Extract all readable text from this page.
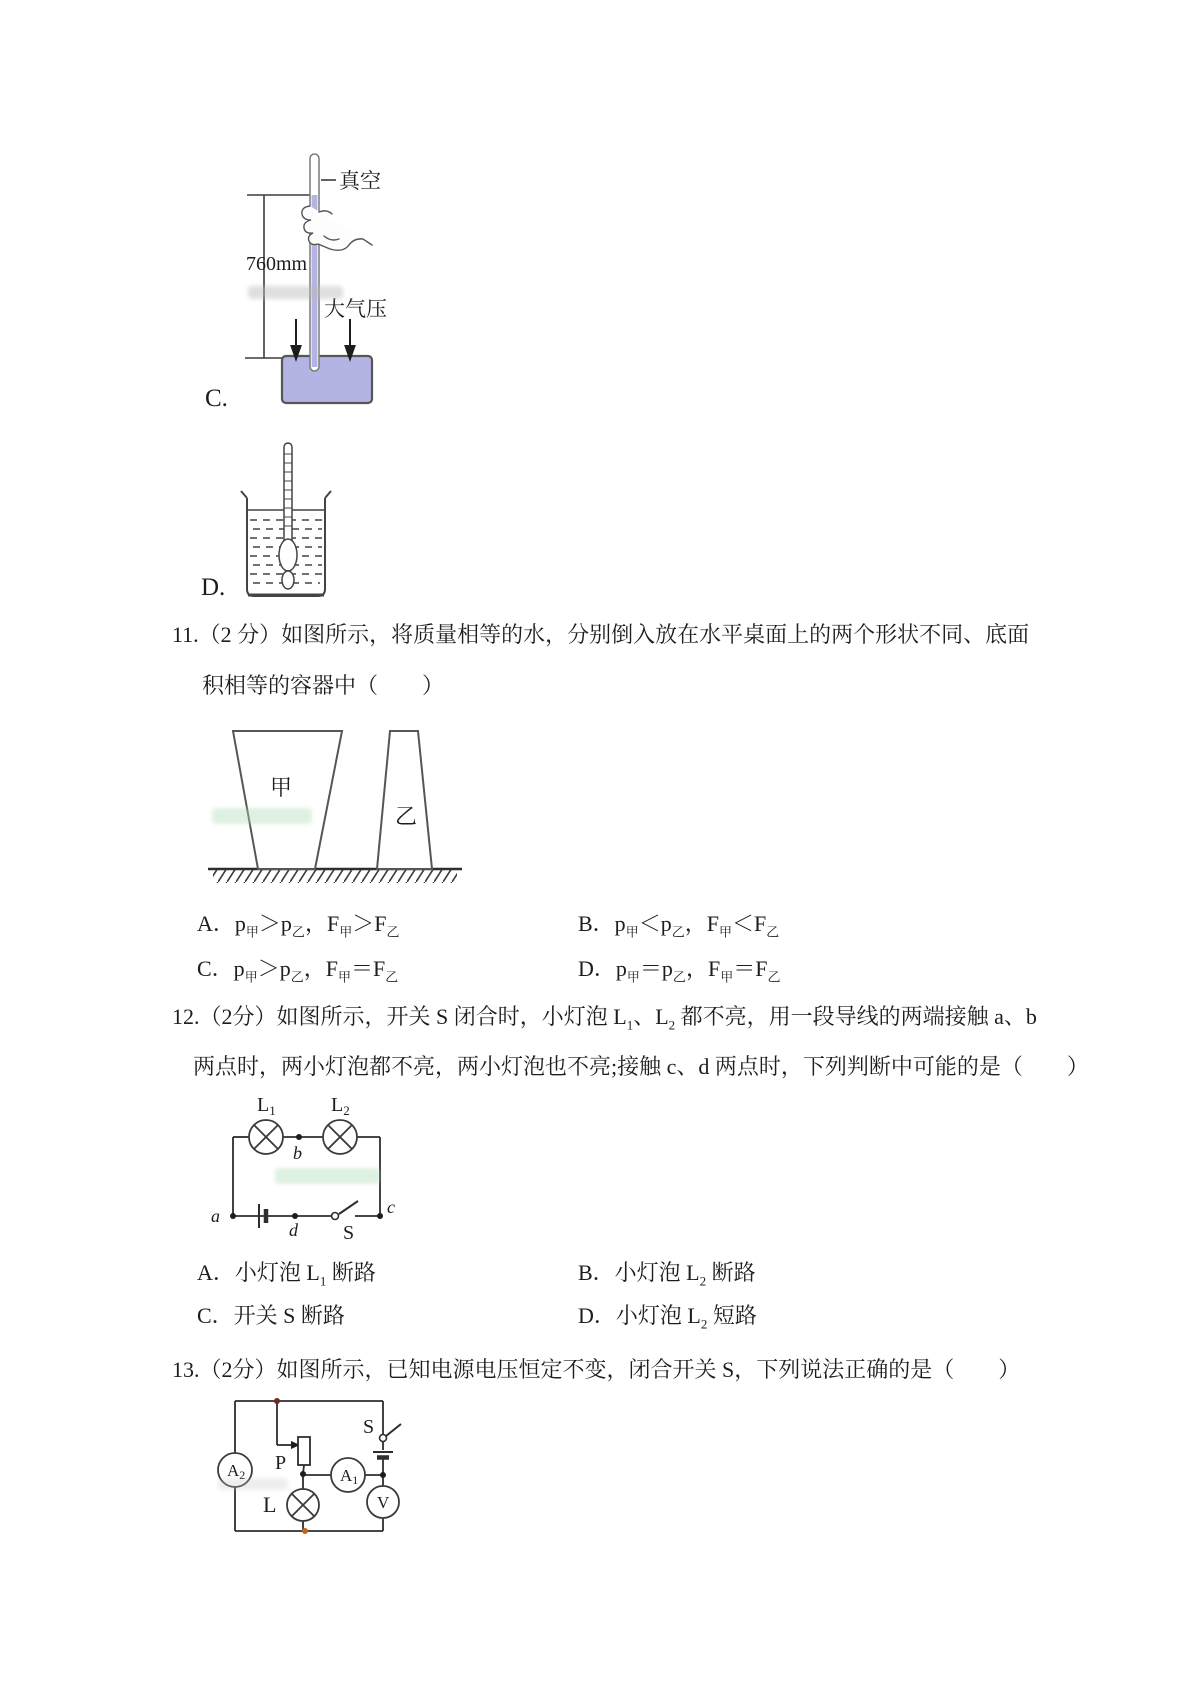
真空
760mm
大气压
C.
D.
11.（2 分）如图所示，将质量相等的水，分别倒入放在水平桌面上的两个形状不同、底面
积相等的容器中（　　）
甲
乙
A．$p_甲>p_乙$，$F_甲>F_乙$	B．$p_甲<p_乙$，$F_甲<F_乙$
C．$p_甲>p_乙$，$F_甲=F_乙$	D．$p_甲=p_乙$，$F_甲=F_乙$
12.（2分）如图所示，开关 S 闭合时，小灯泡 $L_1$、$L_2$ 都不亮，用一段导线的两端接触 a、b
两点时，两小灯泡都不亮，两小灯泡也不亮;接触 c、d 两点时，下列判断中可能的是（　　）
$L_1$	$L_2$
b
a
d
c
S
A．小灯泡 $L_1$ 断路	B．小灯泡 $L_2$ 断路
C．开关 S 断路	D．小灯泡 $L_2$ 短路
13.（2分）如图所示，已知电源电压恒定不变，闭合开关 S，下列说法正确的是（　　）
A2	A1
V
P
L
S
